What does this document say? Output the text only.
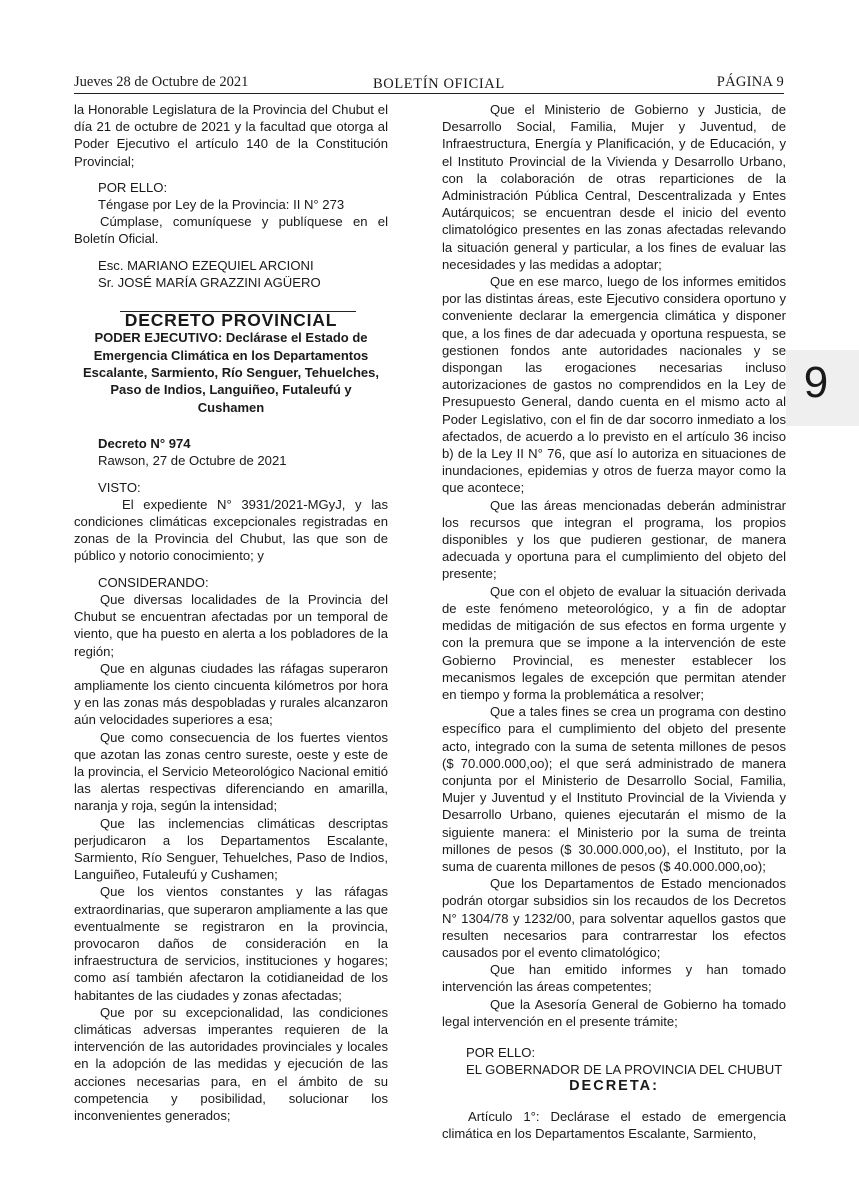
Jueves 28 de Octubre de 2021	BOLETÍN OFICIAL	PÁGINA 9

la Honorable Legislatura de la Provincia del Chubut el día 21 de octubre de 2021 y la facultad que otorga al Poder Ejecutivo el artículo 140 de la Constitución Provincial;

POR ELLO:

Téngase por Ley de la Provincia: II N° 273

Cúmplase, comuníquese y publíquese en el Boletín Oficial.

Esc. MARIANO EZEQUIEL ARCIONI

Sr. JOSÉ MARÍA GRAZZINI AGÜERO

DECRETO PROVINCIAL

PODER EJECUTIVO: Declárase el Estado de Emergencia Climática en los Departamentos Escalante, Sarmiento, Río Senguer, Tehuelches, Paso de Indios, Languiñeo, Futaleufú y Cushamen

Decreto N° 974

Rawson, 27 de Octubre de 2021

VISTO:

El expediente N° 3931/2021-MGyJ, y las condiciones climáticas excepcionales registradas en zonas de la Provincia del Chubut, las que son de público y notorio conocimiento; y

CONSIDERANDO:

Que diversas localidades de la Provincia del Chubut se encuentran afectadas por un temporal de viento, que ha puesto en alerta a los pobladores de la región;

Que en algunas ciudades las ráfagas superaron ampliamente los ciento cincuenta kilómetros por hora y en las zonas más despobladas y rurales alcanzaron aún velocidades superiores a esa;

Que como consecuencia de los fuertes vientos que azotan las zonas centro sureste, oeste y este de la provincia, el Servicio Meteorológico Nacional emitió las alertas respectivas diferenciando en amarilla, naranja y roja, según la intensidad;

Que las inclemencias climáticas descriptas perjudicaron a los Departamentos Escalante, Sarmiento, Río Senguer, Tehuelches, Paso de Indios, Languiñeo, Futaleufú y Cushamen;

Que los vientos constantes y las ráfagas extraordinarias, que superaron ampliamente a las que eventualmente se registraron en la provincia, provocaron daños de consideración en la infraestructura de servicios, instituciones y hogares; como así también afectaron la cotidianeidad de los habitantes de las ciudades y zonas afectadas;

Que por su excepcionalidad, las condiciones climáticas adversas imperantes requieren de la intervención de las autoridades provinciales y locales en la adopción de las medidas y ejecución de las acciones necesarias para, en el ámbito de su competencia y posibilidad, solucionar los inconvenientes generados;

Que el Ministerio de Gobierno y Justicia, de Desarrollo Social, Familia, Mujer y Juventud, de Infraestructura, Energía y Planificación, y de Educación, y el Instituto Provincial de la Vivienda y Desarrollo Urbano, con la colaboración de otras reparticiones de la Administración Pública Central, Descentralizada y Entes Autárquicos; se encuentran desde el inicio del evento climatológico presentes en las zonas afectadas relevando la situación general y particular, a los fines de evaluar las necesidades y las medidas a adoptar;

Que en ese marco, luego de los informes emitidos por las distintas áreas, este Ejecutivo considera oportuno y conveniente declarar la emergencia climática y disponer que, a los fines de dar adecuada y oportuna respuesta, se gestionen fondos ante autoridades nacionales y se dispongan las erogaciones necesarias incluso autorizaciones de gastos no comprendidos en la Ley de Presupuesto General, dando cuenta en el mismo acto al Poder Legislativo, con el fin de dar socorro inmediato a los afectados, de acuerdo a lo previsto en el artículo 36 inciso b) de la Ley II N° 76, que así lo autoriza en situaciones de inundaciones, epidemias y otros de fuerza mayor como la que acontece;

Que las áreas mencionadas deberán administrar los recursos que integran el programa, los propios disponibles y los que pudieren gestionar, de manera adecuada y oportuna para el cumplimiento del objeto del presente;

Que con el objeto de evaluar la situación derivada de este fenómeno meteorológico, y a fin de adoptar medidas de mitigación de sus efectos en forma urgente y con la premura que se impone a la intervención de este Gobierno Provincial, es menester establecer los mecanismos legales de excepción que permitan atender en tiempo y forma la problemática a resolver;

Que a tales fines se crea un programa con destino específico para el cumplimiento del objeto del presente acto, integrado con la suma de setenta millones de pesos ($ 70.000.000,oo); el que será administrado de manera conjunta por el Ministerio de Desarrollo Social, Familia, Mujer y Juventud y el Instituto Provincial de la Vivienda y Desarrollo Urbano, quienes ejecutarán el mismo de la siguiente manera: el Ministerio por la suma de treinta millones de pesos ($ 30.000.000,oo), el Instituto, por la suma de cuarenta millones de pesos ($ 40.000.000,oo);

Que los Departamentos de Estado mencionados podrán otorgar subsidios sin los recaudos de los Decretos N° 1304/78 y 1232/00, para solventar aquellos gastos que resulten necesarios para contrarrestar los efectos causados por el evento climatológico;

Que han emitido informes y han tomado intervención las áreas competentes;

Que la Asesoría General de Gobierno ha tomado legal intervención en el presente trámite;

POR ELLO:

EL GOBERNADOR DE LA PROVINCIA DEL CHUBUT

DECRETA:

Artículo 1°: Declárase el estado de emergencia climática en los Departamentos Escalante, Sarmiento,

9
